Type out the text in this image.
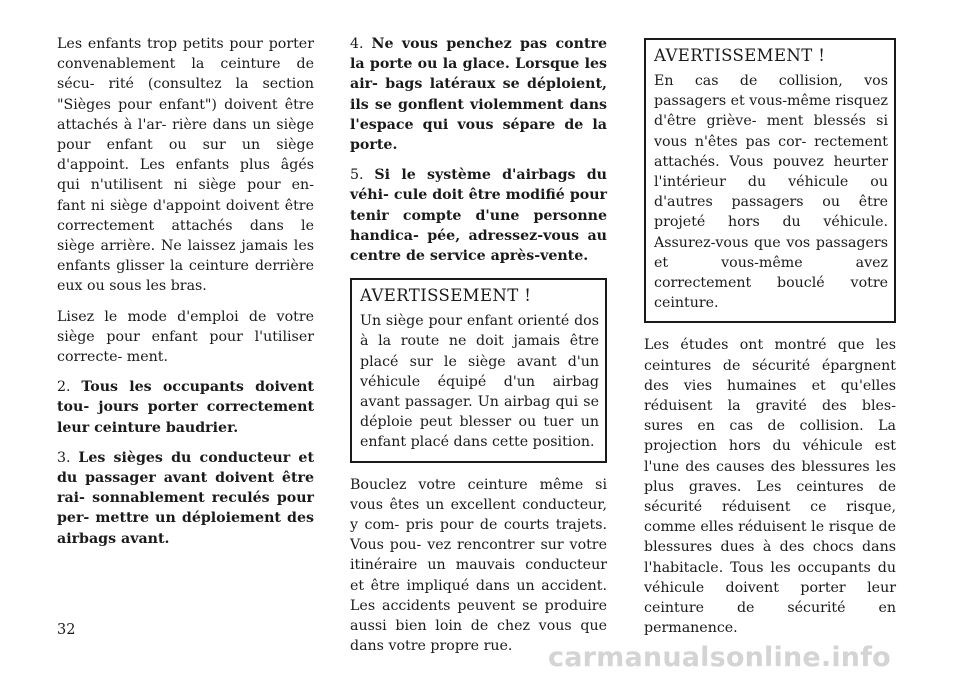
Les enfants trop petits pour porter convenablement la ceinture de sécu- rité (consultez la section "Sièges pour enfant") doivent être attachés à l'ar- rière dans un siège pour enfant ou sur un siège d'appoint. Les enfants plus âgés qui n'utilisent ni siège pour en- fant ni siège d'appoint doivent être correctement attachés dans le siège arrière. Ne laissez jamais les enfants glisser la ceinture derrière eux ou sous les bras.

Lisez le mode d'emploi de votre siège pour enfant pour l'utiliser correcte- ment.

2. Tous les occupants doivent tou- jours porter correctement leur ceinture baudrier.

3. Les sièges du conducteur et du passager avant doivent être rai- sonnablement reculés pour per- mettre un déploiement des airbags avant.

4. Ne vous penchez pas contre la porte ou la glace. Lorsque les air- bags latéraux se déploient, ils se gonflent violemment dans l'espace qui vous sépare de la porte.

5. Si le système d'airbags du véhi- cule doit être modifié pour tenir compte d'une personne handica- pée, adressez-vous au centre de service après-vente.

AVERTISSEMENT !

Un siège pour enfant orienté dos à la route ne doit jamais être placé sur le siège avant d'un véhicule équipé d'un airbag avant passager. Un airbag qui se déploie peut blesser ou tuer un enfant placé dans cette position.

Bouclez votre ceinture même si vous êtes un excellent conducteur, y com- pris pour de courts trajets. Vous pou- vez rencontrer sur votre itinéraire un mauvais conducteur et être impliqué dans un accident. Les accidents peuvent se produire aussi bien loin de chez vous que dans votre propre rue.

AVERTISSEMENT !

En cas de collision, vos passagers et vous-même risquez d'être griève- ment blessés si vous n'êtes pas cor- rectement attachés. Vous pouvez heurter l'intérieur du véhicule ou d'autres passagers ou être projeté hors du véhicule. Assurez-vous que vos passagers et vous-même avez correctement bouclé votre ceinture.

Les études ont montré que les ceintures de sécurité épargnent des vies humaines et qu'elles réduisent la gravité des bles- sures en cas de collision. La projection hors du véhicule est l'une des causes des blessures les plus graves. Les ceintures de sécurité réduisent ce risque, comme elles réduisent le risque de blessures dues à des chocs dans l'habitacle. Tous les occupants du véhicule doivent porter leur ceinture de sécurité en permanence.

32
carmanualsonline.info
